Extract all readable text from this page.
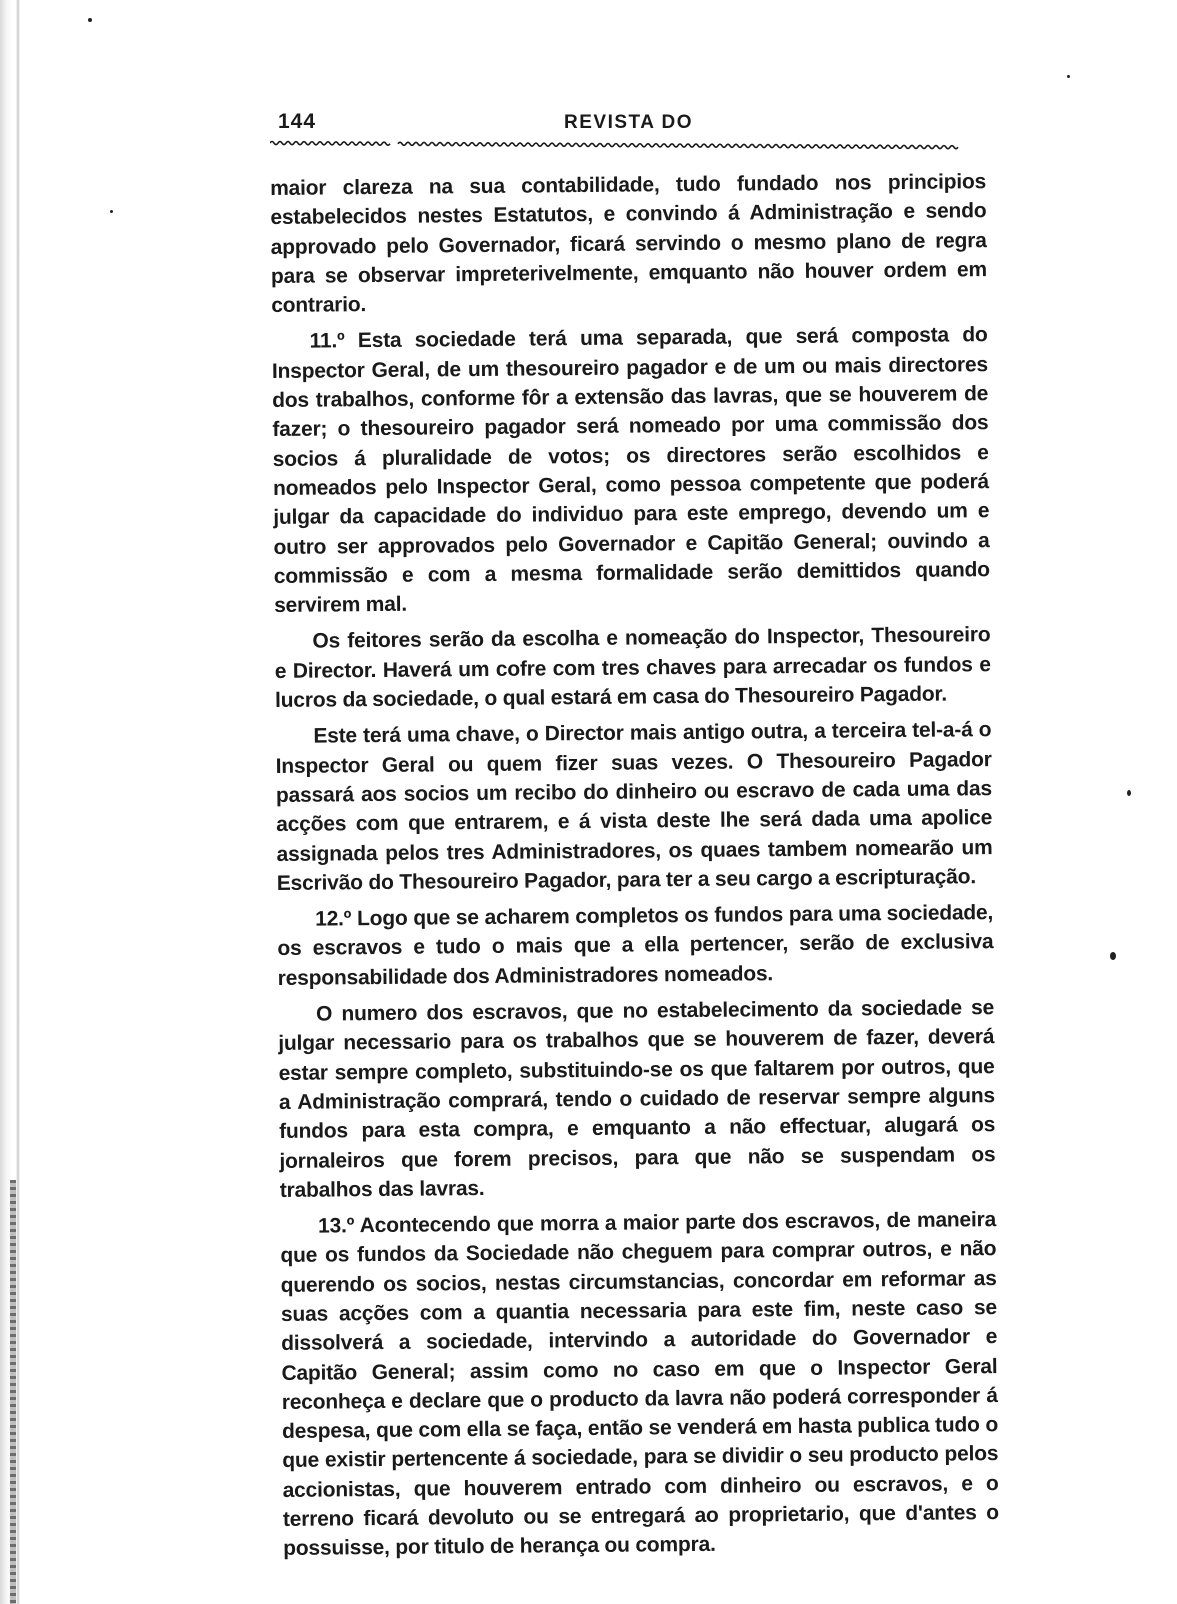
144	REVISTA DO

maior clareza na sua contabilidade, tudo fundado nos principios estabelecidos nestes Estatutos, e convindo á Administração e sendo approvado pelo Governador, ficará servindo o mesmo plano de regra para se observar impreterivelmente, emquanto não houver ordem em contrario.

11.º Esta sociedade terá uma separada, que será composta do Inspector Geral, de um thesoureiro pagador e de um ou mais directores dos trabalhos, conforme fôr a extensão das lavras, que se houverem de fazer; o thesoureiro pagador será nomeado por uma commissão dos socios á pluralidade de votos; os directores serão escolhidos e nomeados pelo Inspector Geral, como pessoa competente que poderá julgar da capacidade do individuo para este emprego, devendo um e outro ser approvados pelo Governador e Capitão General; ouvindo a commissão e com a mesma formalidade serão demittidos quando servirem mal.

Os feitores serão da escolha e nomeação do Inspector, Thesoureiro e Director. Haverá um cofre com tres chaves para arrecadar os fundos e lucros da sociedade, o qual estará em casa do Thesoureiro Pagador.

Este terá uma chave, o Director mais antigo outra, a terceira tel-a-á o Inspector Geral ou quem fizer suas vezes. O Thesoureiro Pagador passará aos socios um recibo do dinheiro ou escravo de cada uma das acções com que entrarem, e á vista deste lhe será dada uma apolice assignada pelos tres Administradores, os quaes tambem nomearão um Escrivão do Thesoureiro Pagador, para ter a seu cargo a escripturação.

12.º Logo que se acharem completos os fundos para uma sociedade, os escravos e tudo o mais que a ella pertencer, serão de exclusiva responsabilidade dos Administradores nomeados.

O numero dos escravos, que no estabelecimento da sociedade se julgar necessario para os trabalhos que se houverem de fazer, deverá estar sempre completo, substituindo-se os que faltarem por outros, que a Administração comprará, tendo o cuidado de reservar sempre alguns fundos para esta compra, e emquanto a não effectuar, alugará os jornaleiros que forem precisos, para que não se suspendam os trabalhos das lavras.

13.º Acontecendo que morra a maior parte dos escravos, de maneira que os fundos da Sociedade não cheguem para comprar outros, e não querendo os socios, nestas circumstancias, concordar em reformar as suas acções com a quantia necessaria para este fim, neste caso se dissolverá a sociedade, intervindo a autoridade do Governador e Capitão General; assim como no caso em que o Inspector Geral reconheça e declare que o producto da lavra não poderá corresponder á despesa, que com ella se faça, então se venderá em hasta publica tudo o que existir pertencente á sociedade, para se dividir o seu producto pelos accionistas, que houverem entrado com dinheiro ou escravos, e o terreno ficará devoluto ou se entregará ao proprietario, que d'antes o possuisse, por titulo de herança ou compra.
